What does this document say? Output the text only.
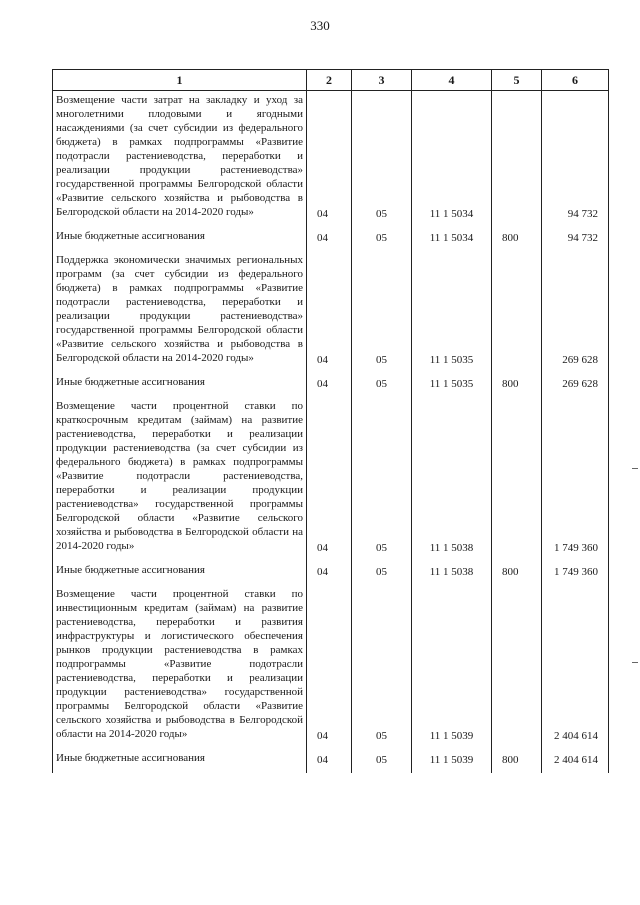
330
1	2	3	4	5	6
Возмещение части затрат на закладку и уход за многолетними плодовыми и ягодными насаждениями (за счет субсидии из федерального бюджета) в рамках подпрограммы «Развитие подотрасли растениеводства, переработки и реализации продукции растениеводства» государственной программы Белгородской области «Развитие сельского хозяйства и рыбоводства в Белгородской области на 2014-2020 годы»	04	05	11 1 5034		94 732

Иные бюджетные ассигнования	04	05	11 1 5034	800	94 732

Поддержка экономически значимых региональных программ (за счет субсидии из федерального бюджета) в рамках подпрограммы «Развитие подотрасли растениеводства, переработки и реализации продукции растениеводства» государственной программы Белгородской области «Развитие сельского хозяйства и рыбоводства в Белгородской области на 2014-2020 годы»	04	05	11 1 5035		269 628

Иные бюджетные ассигнования	04	05	11 1 5035	800	269 628

Возмещение части процентной ставки по краткосрочным кредитам (займам) на развитие растениеводства, переработки и реализации продукции растениеводства (за счет субсидии из федерального бюджета) в рамках подпрограммы «Развитие подотрасли растениеводства, переработки и реализации продукции растениеводства» государственной программы Белгородской области «Развитие сельского хозяйства и рыбоводства в Белгородской области на 2014-2020 годы»	04	05	11 1 5038		1 749 360

Иные бюджетные ассигнования	04	05	11 1 5038	800	1 749 360

Возмещение части процентной ставки по инвестиционным кредитам (займам) на развитие растениеводства, переработки и развития инфраструктуры и логистического обеспечения рынков продукции растениеводства в рамках подпрограммы «Развитие подотрасли растениеводства, переработки и реализации продукции растениеводства» государственной программы Белгородской области «Развитие сельского хозяйства и рыбоводства в Белгородской области на 2014-2020 годы»	04	05	11 1 5039		2 404 614

Иные бюджетные ассигнования	04	05	11 1 5039	800	2 404 614
